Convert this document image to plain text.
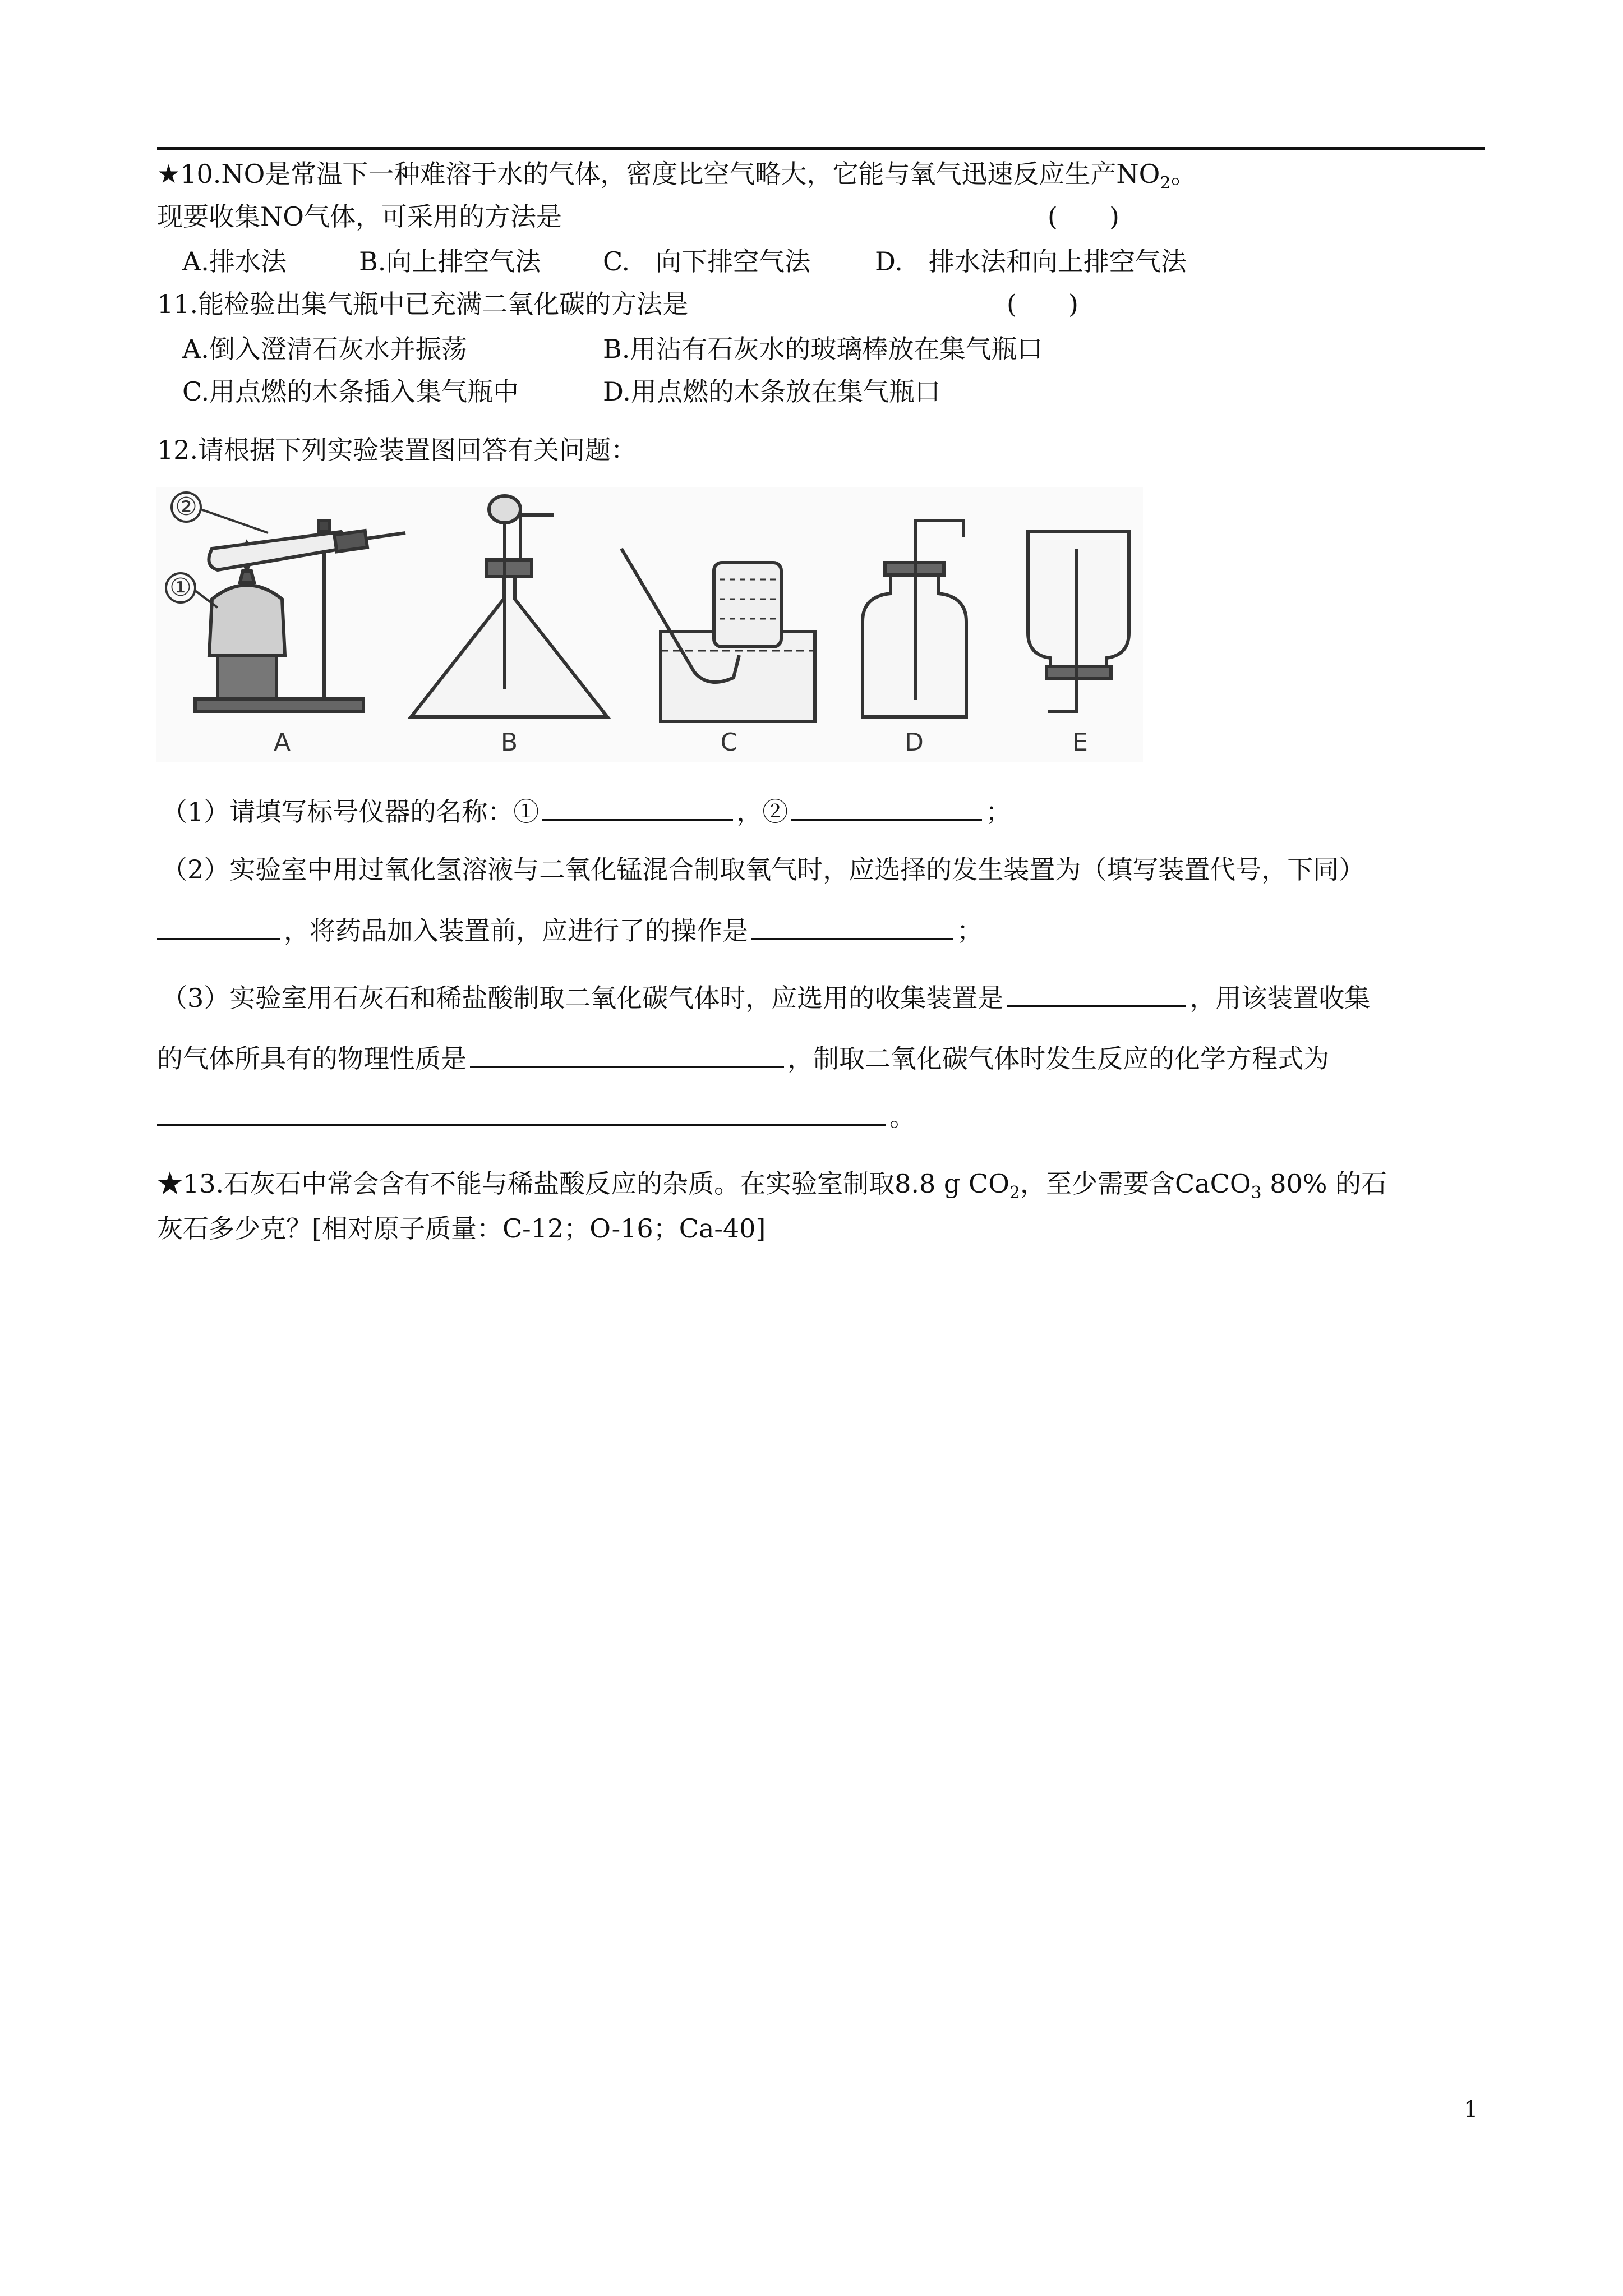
★10.NO是常温下一种难溶于水的气体，密度比空气略大，它能与氧气迅速反应生产$NO_2$。
现要收集NO气体，可采用的方法是	(　　)
A.排水法	B.向上排空气法 C.　向下排空气法 D.　排水法和向上排空气法
11.能检验出集气瓶中已充满二氧化碳的方法是	(　　)
A.倒入澄清石灰水并振荡	B.用沾有石灰水的玻璃棒放在集气瓶口
C.用点燃的木条插入集气瓶中	D.用点燃的木条放在集气瓶口
12.请根据下列实验装置图回答有关问题：
②
①
A	B	C	D	E
（1）请填写标号仪器的名称：①	，②	；
（2）实验室中用过氧化氢溶液与二氧化锰混合制取氧气时，应选择的发生装置为（填写装置代号，下同）
，将药品加入装置前，应进行了的操作是	；
（3）实验室用石灰石和稀盐酸制取二氧化碳气体时，应选用的收集装置是	，用该装置收集
的气体所具有的物理性质是	，制取二氧化碳气体时发生反应的化学方程式为
。
★13.石灰石中常会含有不能与稀盐酸反应的杂质。在实验室制取8.8 g $CO_2$，至少需要含CaCO$_3$ 80% 的石
灰石多少克？[相对原子质量：C-12；O-16；Ca-40]
1
